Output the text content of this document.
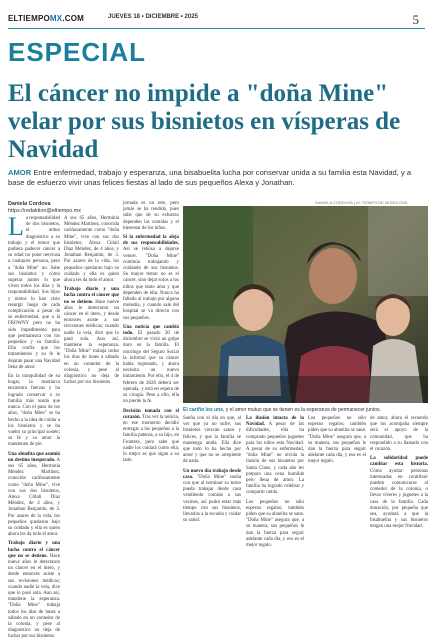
ELTIEMPOMX.COM	JUEVES 18 • DICIEMBRE • 2025	5
ESPECIAL
El cáncer no impide a "doña Mine" velar por sus bisnietos en vísperas de Navidad
AMOR Entre enfermedad, trabajo y esperanza, una bisabuelita lucha por conservar unida a su familia esta Navidad, y a base de esfuerzo vivir unas felices fiestas al lado de sus pequeños Alexa y Jonathan.
Daniela Cordova
https://redaktion@eltiempo.mx
DANIELA CORDOVA | EL TIEMPO DE MONCLOVA

La responsabilidad de dos bisnietos, el arduo diagnóstico a su trabajo y el temor que pudiera padecer cáncer a su edad no pone nerviosa a cualquier persona, pero a "doña Mine" no. Sabe sus bisnietos y cómo superar juntos lo que viven todos los días y la responsabilidad. Sus hijos y nietos lo han visto resurgir luego de cada complicación a pesar de su enfermedad, que a la FROWNY pero no ha sido impedimento para que permanezca con los pequeños y su familia. Ella confía que los tratamientos y su fe le dejarán pasar una Navidad llena de amor.

En la tranquilidad de su hogar, la matriarca encuentra fuerzas y ha logrado conservar a su familia más unida que nunca. Con el paso de los años, "doña Mine" se ha hecho a la idea de cuidar a los bisnietos y se ha vuelto su principal sostén; su fe y su amor la mantienen de pie.

Una abuelita que asumió un destino inesperado. A sus 65 años, Herminia Méndez Martínez, conocida cariñosamente como "doña Mine", vive con sus dos bisnietos, Alexa Citlali Díaz Méndez, de 4 años, y Jonathan Benjamín, de 3. Por azares de la vida, los pequeños quedaron bajo su cuidado y ella es quien ahora les da todo el amor.

Trabajo diario y una lucha contra el cáncer que no se detiene. Hace nueve años le detectaron un cáncer en el útero, y desde entonces asiste a sus revisiones médicas; cuando nadie la veía, dice que lo pasó sola. Aun así, mantiene la esperanza. "Doña Mine" trabaja todos los días de lunes a sábado en un comedor de la colonia, y pese al diagnóstico no deja de luchar por sus bisnietos.

A sus 65 años, Herminia Méndez Martínez, conocida cariñosamente como "doña Mine", vive con sus dos bisnietos, Alexa Citlali Díaz Méndez, de 4 años, y Jonathan Benjamín, de 3. Por azares de la vida, los pequeños quedaron bajo su cuidado y ella es quien ahora les da todo el amor.

Trabajo diario y una lucha contra el cáncer que no se detiene. Hace nueve años le detectaron un cáncer en el útero, y desde entonces asiste a sus revisiones médicas; cuando nadie la veía, dice que lo pasó sola. Aun así, mantiene la esperanza. "Doña Mine" trabaja todos los días de lunes a sábado en un comedor de la colonia, y pese al diagnóstico no deja de luchar por sus bisnietos.

jornada es un reto, pero jamás se ha rendido, pues sabe que de su esfuerzo dependen las comidas y el bienestar de los niños.

Si la enfermedad la aleja de sus responsabilidades. Así se rehúsa a dejarse vencer. "Doña Mine" continúa trabajando y cuidando de sus bisnietos. Su mayor temor no es el cáncer, sino dejar solos a los niños que tanto ama y que dependen de ella. Nunca ha faltado al trabajo por alguna molestia, y cuando sale del hospital se va directo con sus pequeños.

Una noticia que cambió todo. El pasado 20 de diciembre se vivió un golpe duro en la familia. El oncólogo del Seguro Social la informó que su cáncer había regresado, y ahora necesita un nuevo tratamiento. Por ello, el 4 de febrero de 2026 deberá ser operada, y está en espera de su cirugía. Pese a ello, ella no pierde la fe.

Decisión tomada con el corazón. Tras ver la noticia, en ese momento decidió entregar a los pequeños a la familia paterna, a su hijo, en Frontera, pero sabe que nadie los cuidará como ella; lo mejor es que sigan a su lado.

El cariño los une, y el amor mutuo que se tienen es la esperanza de permanecer juntos.

Sueña con el día en que, al ver que ya no sufre, sus bisnietos crezcan sanos y felices, y que la familia se mantenga unida. Ella dice que todo lo ha hecho por amor y que no se arrepiente de nada.

Un nuevo día trabajo desde casa. "Doña Mine" sueña con que al terminar su turno pueda trabajar desde casa vendiendo comida a sus vecinos, así podrá estar más tiempo con sus bisnietos, llevarlos a la escuela y cuidar su salud.

La ilusión intacta de la Navidad. A pesar de las dificultades, ella ha comprado pequeños juguetes para los niños esta Navidad. A pesar de su enfermedad, "doña Mine" no olvida la ilusión de sus bisnietos por Santa Claus, y cada año les prepara una cena humilde pero llena de amor. La familia ha logrado celebrar y compartir unida.

Los pequeños no sólo esperan regalos; también piden que su abuelita se sane. "Doña Mine" asegura que, a su manera, sus pequeños le dan la fuerza para seguir adelante cada día, y eso es el mejor regalo.

Los pequeños no sólo esperan regalos; también piden que su abuelita se sane. "Doña Mine" asegura que, a su manera, sus pequeños le dan la fuerza para seguir adelante cada día, y eso es el mejor regalo.

de amor, ahora el recuerdo que los acompaña siempre será el apoyo de la comunidad, que ha respondido a su llamado con el corazón.

La solidaridad puede cambiar esta historia. Cómo ayudar: personas interesadas en contribuir pueden comunicarse al comedor de la colonia, o llevar víveres y juguetes a la casa de la familia. Cada donación, por pequeña que sea, ayudará a que la bisabuelita y sus bisnietos tengan una mejor Navidad.
